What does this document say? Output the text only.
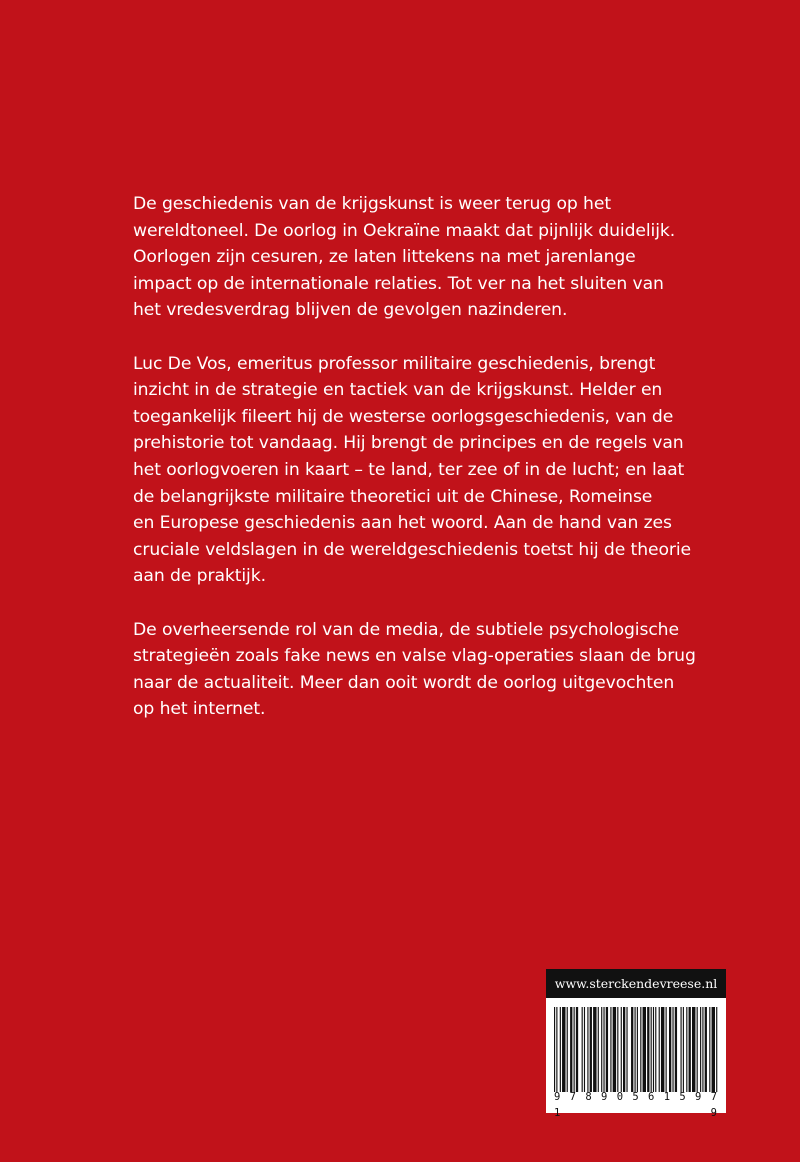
De geschiedenis van de krijgskunst is weer terug op het
wereldtoneel. De oorlog in Oekraïne maakt dat pijnlijk duidelijk.
Oorlogen zijn cesuren, ze laten littekens na met jarenlange
impact op de internationale relaties. Tot ver na het sluiten van
het vredesverdrag blijven de gevolgen nazinderen.

Luc De Vos, emeritus professor militaire geschiedenis, brengt
inzicht in de strategie en tactiek van de krijgskunst. Helder en
toegankelijk fileert hij de westerse oorlogsgeschiedenis, van de
prehistorie tot vandaag. Hij brengt de principes en de regels van
het oorlogvoeren in kaart – te land, ter zee of in de lucht; en laat
de belangrijkste militaire theoretici uit de Chinese, Romeinse
en Europese geschiedenis aan het woord. Aan de hand van zes
cruciale veldslagen in de wereldgeschiedenis toetst hij de theorie
aan de praktijk.

De overheersende rol van de media, de subtiele psychologische
strategieën zoals fake news en valse vlag-operaties slaan de brug
naar de actualiteit. Meer dan ooit wordt de oorlog uitgevochten
op het internet.

www.sterckendevreese.nl
9 7 8 9 0 5 6 1 5 9 7 1	9
